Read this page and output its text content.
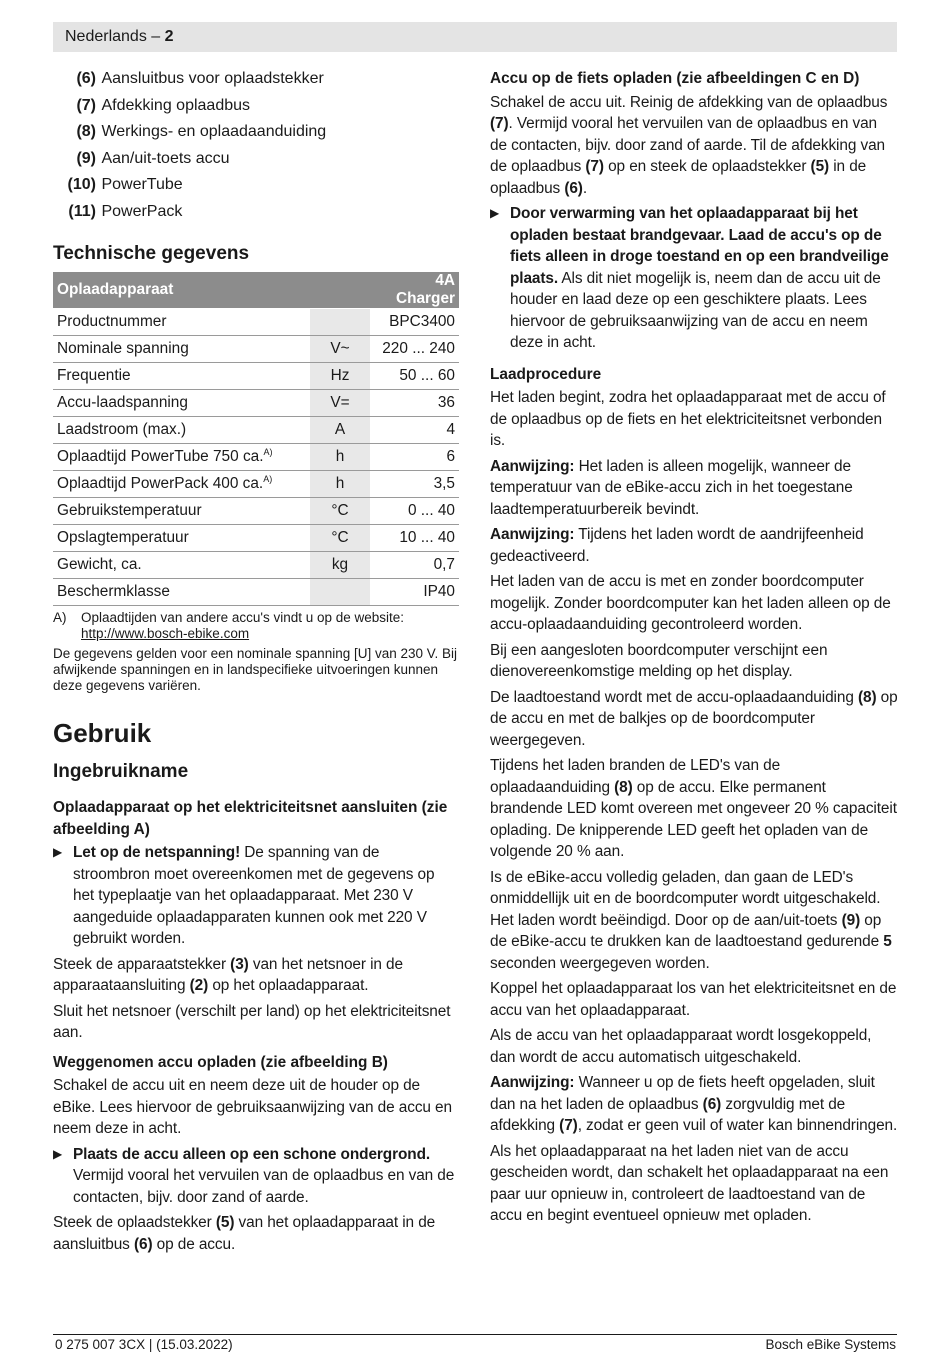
Nederlands – 2
(6)
Aansluitbus voor oplaadstekker
(7)
Afdekking oplaadbus
(8)
Werkings- en oplaadaanduiding
(9)
Aan/uit-toets accu
(10)
PowerTube
(11)
PowerPack
Technische gegevens
Oplaadapparaat		4A Charger
Productnummer		BPC3400
Nominale spanning	V~	220 ... 240
Frequentie	Hz	50 ... 60
Accu-laadspanning	V=	36
Laadstroom (max.)	A	4
Oplaadtijd PowerTube 750 ca.$^{A)}$	h	6
Oplaadtijd PowerPack 400 ca.$^{A)}$	h	3,5
Gebruikstemperatuur	°C	0 ... 40
Opslagtemperatuur	°C	10 ... 40
Gewicht, ca.	kg	0,7
Beschermklasse		IP40
A)	Oplaadtijden van andere accu's vindt u op de website:
http://www.bosch-ebike.com
De gegevens gelden voor een nominale spanning [U] van 230 V. Bij afwijkende spanningen en in landspecifieke uitvoeringen kunnen deze gegevens variëren.
Gebruik
Ingebruikname
Oplaadapparaat op het elektriciteitsnet aansluiten (zie afbeelding A)
▶ Let op de netspanning! De spanning van de stroombron moet overeenkomen met de gegevens op het typeplaatje van het oplaadapparaat. Met 230 V aangeduide oplaadapparaten kunnen ook met 220 V gebruikt worden.
Steek de apparaatstekker (3) van het netsnoer in de apparaataansluiting (2) op het oplaadapparaat.
Sluit het netsnoer (verschilt per land) op het elektriciteitsnet aan.
Weggenomen accu opladen (zie afbeelding B)
Schakel de accu uit en neem deze uit de houder op de eBike. Lees hiervoor de gebruiksaanwijzing van de accu en neem deze in acht.
▶ Plaats de accu alleen op een schone ondergrond. Vermijd vooral het vervuilen van de oplaadbus en van de contacten, bijv. door zand of aarde.
Steek de oplaadstekker (5) van het oplaadapparaat in de aansluitbus (6) op de accu.
Accu op de fiets opladen (zie afbeeldingen C en D)
Schakel de accu uit. Reinig de afdekking van de oplaadbus (7). Vermijd vooral het vervuilen van de oplaadbus en van de contacten, bijv. door zand of aarde. Til de afdekking van de oplaadbus (7) op en steek de oplaadstekker (5) in de oplaadbus (6).
▶ Door verwarming van het oplaadapparaat bij het opladen bestaat brandgevaar. Laad de accu's op de fiets alleen in droge toestand en op een brandveilige plaats. Als dit niet mogelijk is, neem dan de accu uit de houder en laad deze op een geschiktere plaats. Lees hiervoor de gebruiksaanwijzing van de accu en neem deze in acht.
Laadprocedure
Het laden begint, zodra het oplaadapparaat met de accu of de oplaadbus op de fiets en het elektriciteitsnet verbonden is.
Aanwijzing: Het laden is alleen mogelijk, wanneer de temperatuur van de eBike-accu zich in het toegestane laadtemperatuurbereik bevindt.
Aanwijzing: Tijdens het laden wordt de aandrijfeenheid gedeactiveerd.
Het laden van de accu is met en zonder boordcomputer mogelijk. Zonder boordcomputer kan het laden alleen op de accu-oplaadaanduiding gecontroleerd worden.
Bij een aangesloten boordcomputer verschijnt een dienovereenkomstige melding op het display.
De laadtoestand wordt met de accu-oplaadaanduiding (8) op de accu en met de balkjes op de boordcomputer weergegeven.
Tijdens het laden branden de LED's van de oplaadaanduiding (8) op de accu. Elke permanent brandende LED komt overeen met ongeveer 20 % capaciteit oplading. De knipperende LED geeft het opladen van de volgende 20 % aan.
Is de eBike-accu volledig geladen, dan gaan de LED's onmiddellijk uit en de boordcomputer wordt uitgeschakeld. Het laden wordt beëindigd. Door op de aan/uit-toets (9) op de eBike-accu te drukken kan de laadtoestand gedurende 5 seconden weergegeven worden.
Koppel het oplaadapparaat los van het elektriciteitsnet en de accu van het oplaadapparaat.
Als de accu van het oplaadapparaat wordt losgekoppeld, dan wordt de accu automatisch uitgeschakeld.
Aanwijzing: Wanneer u op de fiets heeft opgeladen, sluit dan na het laden de oplaadbus (6) zorgvuldig met de afdekking (7), zodat er geen vuil of water kan binnendringen.
Als het oplaadapparaat na het laden niet van de accu gescheiden wordt, dan schakelt het oplaadapparaat na een paar uur opnieuw in, controleert de laadtoestand van de accu en begint eventueel opnieuw met opladen.
0 275 007 3CX | (15.03.2022)	Bosch eBike Systems
